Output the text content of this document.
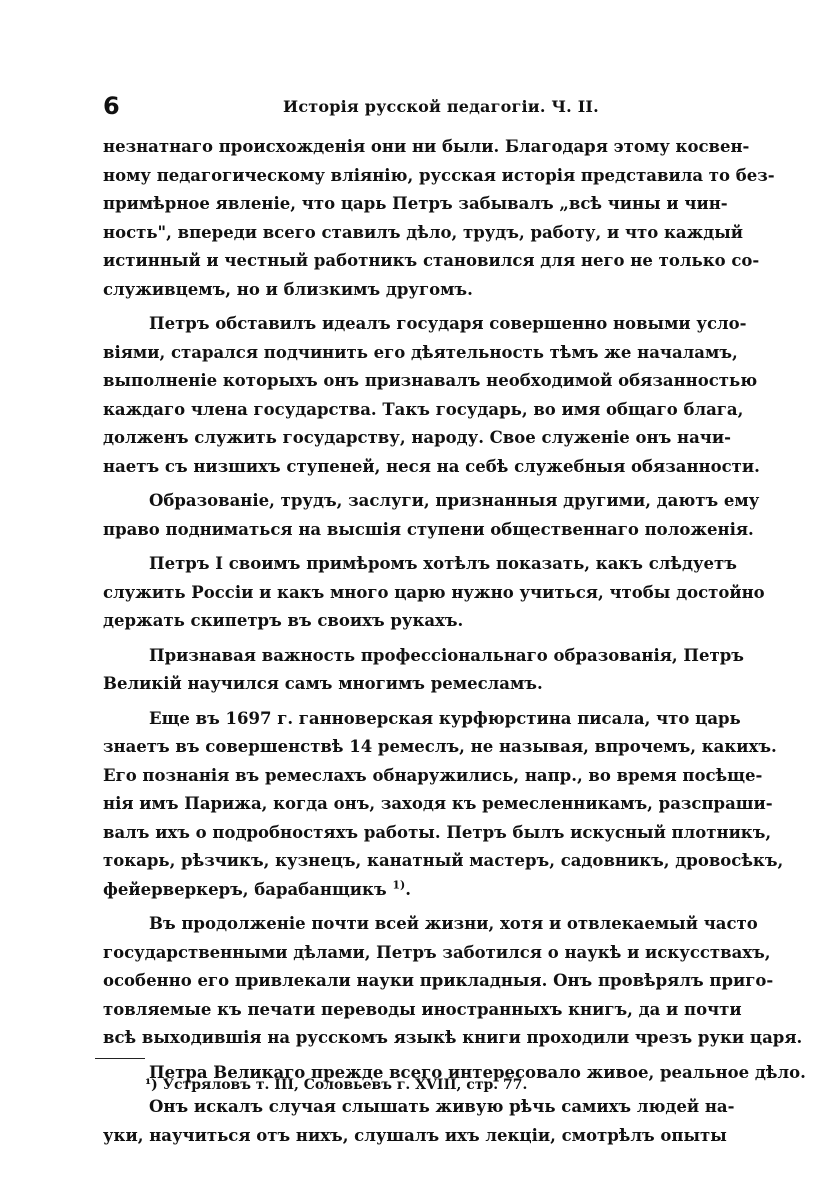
6	Исторія русской педагогіи. Ч. II.
незнатнаго происхожденія они ни были. Благодаря этому косвен-
ному педагогическому вліянію, русская исторія представила то без-
примѣрное явленіе, что царь Петръ забывалъ „всѣ чины и чин-
ность", впереди всего ставилъ дѣло, трудъ, работу, и что каждый
истинный и честный работникъ становился для него не только со-
служивцемъ, но и близкимъ другомъ.
Петръ обставилъ идеалъ государя совершенно новыми усло-
віями, старался подчинить его дѣятельность тѣмъ же началамъ,
выполненіе которыхъ онъ признавалъ необходимой обязанностью
каждаго члена государства. Такъ государь, во имя общаго блага,
долженъ служить государству, народу. Свое служеніе онъ начи-
наетъ съ низшихъ ступеней, неся на себѣ служебныя обязанности.
Образованіе, трудъ, заслуги, признанныя другими, даютъ ему
право подниматься на высшія ступени общественнаго положенія.
Петръ I своимъ примѣромъ хотѣлъ показать, какъ слѣдуетъ
служить Россіи и какъ много царю нужно учиться, чтобы достойно
держать скипетръ въ своихъ рукахъ.
Признавая важность профессіональнаго образованія, Петръ
Великій научился самъ многимъ ремесламъ.
Еще въ 1697 г. ганноверская курфюрстина писала, что царь
знаетъ въ совершенствѣ 14 ремеслъ, не называя, впрочемъ, какихъ.
Его познанія въ ремеслахъ обнаружились, напр., во время посѣще-
нія имъ Парижа, когда онъ, заходя къ ремесленникамъ, разспраши-
валъ ихъ о подробностяхъ работы. Петръ былъ искусный плотникъ,
токарь, рѣзчикъ, кузнецъ, канатный мастеръ, садовникъ, дровосѣкъ,
фейерверкеръ, барабанщикъ $^{1)}$.
Въ продолженіе почти всей жизни, хотя и отвлекаемый часто
государственными дѣлами, Петръ заботился о наукѣ и искусствахъ,
особенно его привлекали науки прикладныя. Онъ провѣрялъ приго-
товляемые къ печати переводы иностранныхъ книгъ, да и почти
всѣ выходившія на русскомъ языкѣ книги проходили чрезъ руки царя.
Петра Великаго прежде всего интересовало живое, реальное дѣло.
Онъ искалъ случая слышать живую рѣчь самихъ людей на-
уки, научиться отъ нихъ, слушалъ ихъ лекціи, смотрѣлъ опыты
¹) Устряловъ т. III, Соловьевъ г. XVIII, стр. 77.
